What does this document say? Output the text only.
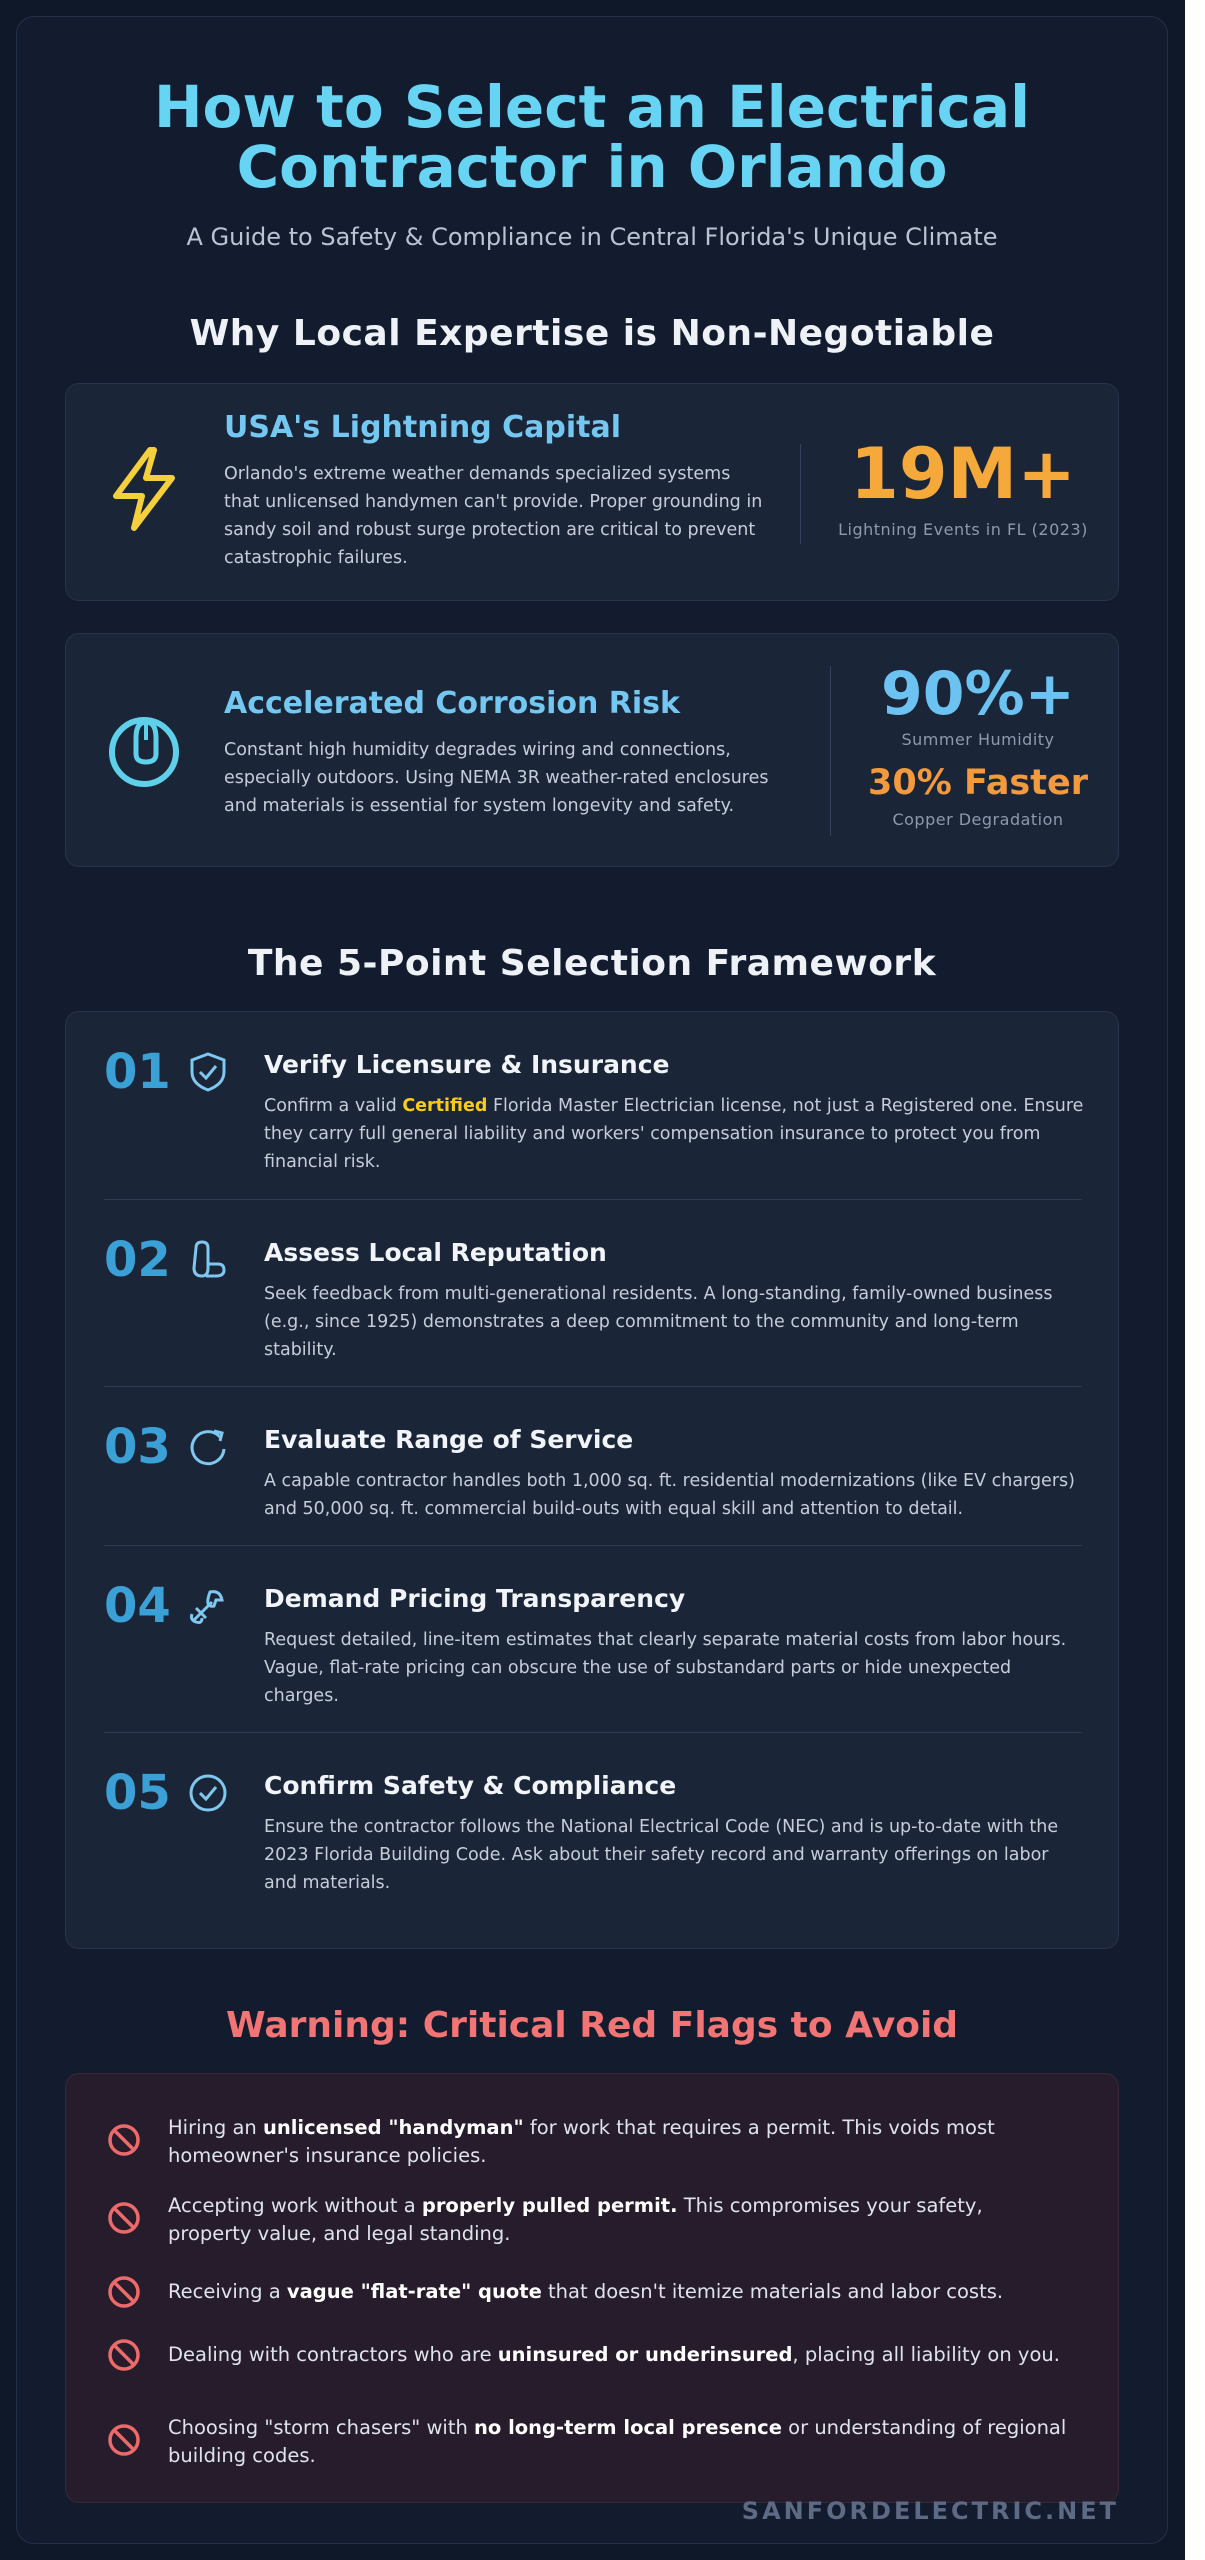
How to Select an Electrical
Contractor in Orlando
A Guide to Safety & Compliance in Central Florida's Unique Climate
Why Local Expertise is Non-Negotiable
USA's Lightning Capital
Orlando's extreme weather demands specialized systems that unlicensed handymen can't provide. Proper grounding in sandy soil and robust surge protection are critical to prevent catastrophic failures.
19M+
Lightning Events in FL (2023)
Accelerated Corrosion Risk
Constant high humidity degrades wiring and connections, especially outdoors. Using NEMA 3R weather-rated enclosures and materials is essential for system longevity and safety.
90%+
Summer Humidity
30% Faster
Copper Degradation
The 5-Point Selection Framework
01	Verify Licensure & Insurance
Confirm a valid Certified Florida Master Electrician license, not just a Registered one. Ensure they carry full general liability and workers' compensation insurance to protect you from financial risk.
02	Assess Local Reputation
Seek feedback from multi-generational residents. A long-standing, family-owned business (e.g., since 1925) demonstrates a deep commitment to the community and long-term stability.
03	Evaluate Range of Service
A capable contractor handles both 1,000 sq. ft. residential modernizations (like EV chargers) and 50,000 sq. ft. commercial build-outs with equal skill and attention to detail.
04	Demand Pricing Transparency
Request detailed, line-item estimates that clearly separate material costs from labor hours. Vague, flat-rate pricing can obscure the use of substandard parts or hide unexpected charges.
05	Confirm Safety & Compliance
Ensure the contractor follows the National Electrical Code (NEC) and is up-to-date with the 2023 Florida Building Code. Ask about their safety record and warranty offerings on labor and materials.
Warning: Critical Red Flags to Avoid
Hiring an unlicensed "handyman" for work that requires a permit. This voids most homeowner's insurance policies.
Accepting work without a properly pulled permit. This compromises your safety, property value, and legal standing.
Receiving a vague "flat-rate" quote that doesn't itemize materials and labor costs.
Dealing with contractors who are uninsured or underinsured, placing all liability on you.
Choosing "storm chasers" with no long-term local presence or understanding of regional building codes.
SANFORDELECTRIC.NET
